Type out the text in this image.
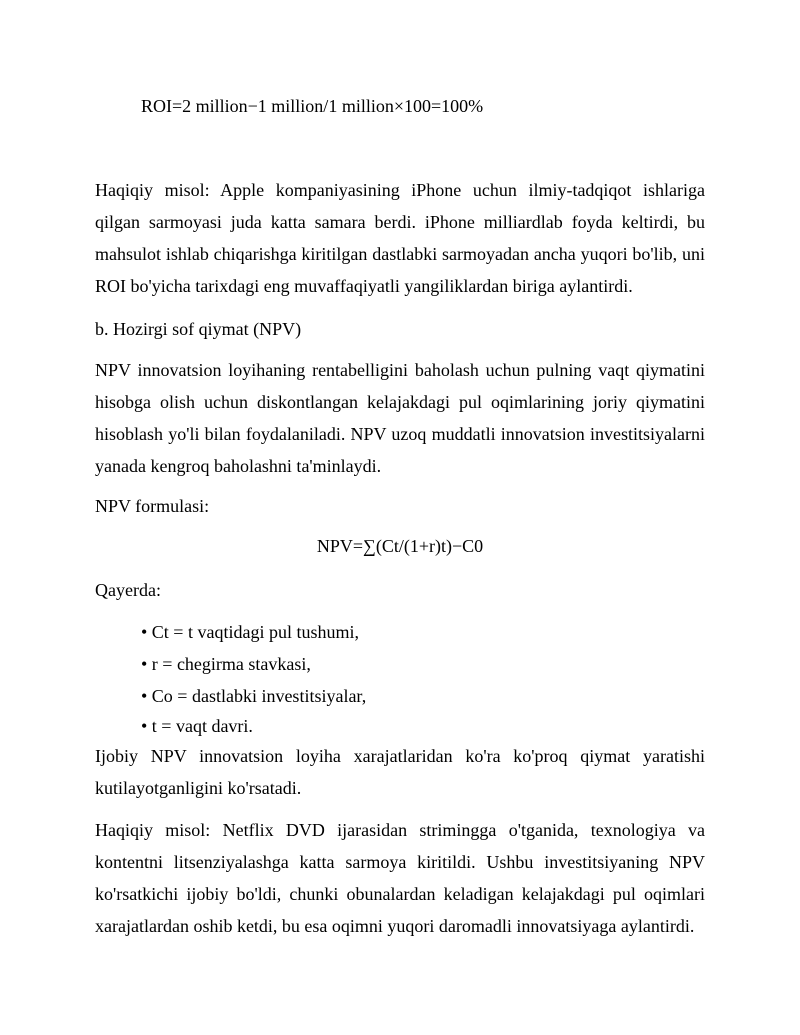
ROI=2 million−1 million/1 million×100=100%
Haqiqiy misol: Apple kompaniyasining iPhone uchun ilmiy-tadqiqot ishlariga
qilgan sarmoyasi juda katta samara berdi. iPhone milliardlab foyda keltirdi, bu
mahsulot ishlab chiqarishga kiritilgan dastlabki sarmoyadan ancha yuqori bo'lib, uni
ROI bo'yicha tarixdagi eng muvaffaqiyatli yangiliklardan biriga aylantirdi.
b. Hozirgi sof qiymat (NPV)
NPV innovatsion loyihaning rentabelligini baholash uchun pulning vaqt qiymatini
hisobga olish uchun diskontlangan kelajakdagi pul oqimlarining joriy qiymatini
hisoblash yo'li bilan foydalaniladi. NPV uzoq muddatli innovatsion investitsiyalarni
yanada kengroq baholashni ta'minlaydi.
NPV formulasi:
NPV=∑(Ct/(1+r)t)−C0
Qayerda:
• Ct = t vaqtidagi pul tushumi,
• r = chegirma stavkasi,
• Co = dastlabki investitsiyalar,
• t = vaqt davri.
Ijobiy NPV innovatsion loyiha xarajatlaridan ko'ra ko'proq qiymat yaratishi
kutilayotganligini ko'rsatadi.
Haqiqiy misol: Netflix DVD ijarasidan strimingga o'tganida, texnologiya va
kontentni litsenziyalashga katta sarmoya kiritildi. Ushbu investitsiyaning NPV
ko'rsatkichi ijobiy bo'ldi, chunki obunalardan keladigan kelajakdagi pul oqimlari
xarajatlardan oshib ketdi, bu esa oqimni yuqori daromadli innovatsiyaga aylantirdi.
